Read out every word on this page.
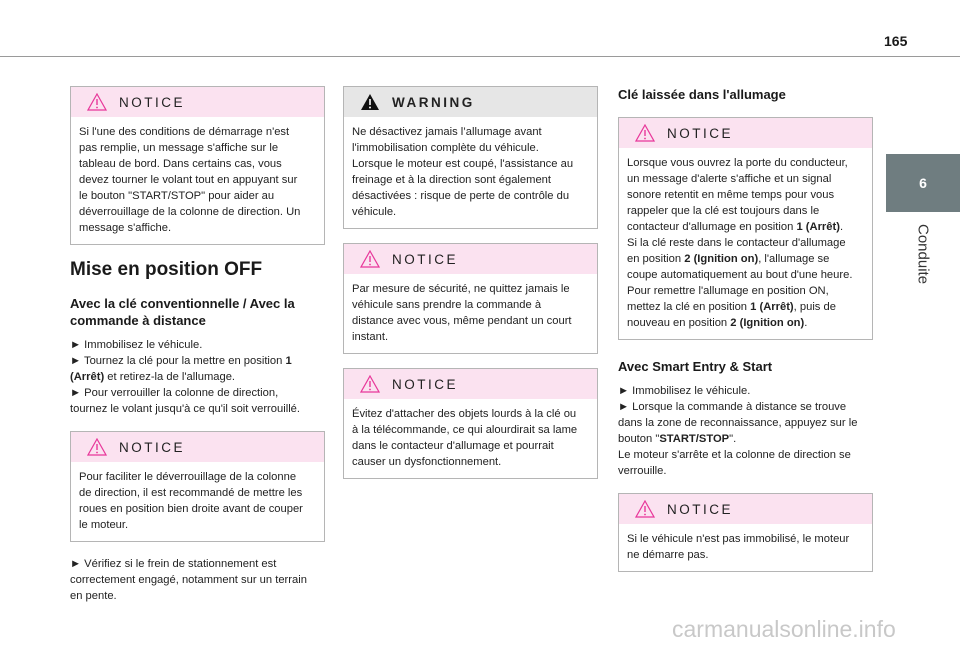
165
6
Conduite
NOTICE
Si l'une des conditions de démarrage n'est
pas remplie, un message s'affiche sur le
tableau de bord. Dans certains cas, vous
devez tourner le volant tout en appuyant sur
le bouton "START/STOP" pour aider au
déverrouillage de la colonne de direction. Un
message s'affiche.
Mise en position OFF
Avec la clé conventionnelle / Avec la
commande à distance
► Immobilisez le véhicule.
► Tournez la clé pour la mettre en position 1
(Arrêt) et retirez-la de l'allumage.
► Pour verrouiller la colonne de direction,
tournez le volant jusqu'à ce qu'il soit verrouillé.
NOTICE
Pour faciliter le déverrouillage de la colonne
de direction, il est recommandé de mettre les
roues en position bien droite avant de couper
le moteur.
► Vérifiez si le frein de stationnement est
correctement engagé, notamment sur un terrain
en pente.
WARNING
Ne désactivez jamais l’allumage avant
l'immobilisation complète du véhicule.
Lorsque le moteur est coupé, l'assistance au
freinage et à la direction sont également
désactivées : risque de perte de contrôle du
véhicule.
NOTICE
Par mesure de sécurité, ne quittez jamais le
véhicule sans prendre la commande à
distance avec vous, même pendant un court
instant.
NOTICE
Évitez d'attacher des objets lourds à la clé ou
à la télécommande, ce qui alourdirait sa lame
dans le contacteur d'allumage et pourrait
causer un dysfonctionnement.
Clé laissée dans l'allumage
NOTICE
Lorsque vous ouvrez la porte du conducteur,
un message d'alerte s'affiche et un signal
sonore retentit en même temps pour vous
rappeler que la clé est toujours dans le
contacteur d'allumage en position 1 (Arrêt).
Si la clé reste dans le contacteur d'allumage
en position 2 (Ignition on), l'allumage se
coupe automatiquement au bout d'une heure.
Pour remettre l'allumage en position ON,
mettez la clé en position 1 (Arrêt), puis de
nouveau en position 2 (Ignition on).
Avec Smart Entry & Start
► Immobilisez le véhicule.
► Lorsque la commande à distance se trouve
dans la zone de reconnaissance, appuyez sur le
bouton "START/STOP".
Le moteur s'arrête et la colonne de direction se
verrouille.
NOTICE
Si le véhicule n'est pas immobilisé, le moteur
ne démarre pas.
carmanualsonline.info
